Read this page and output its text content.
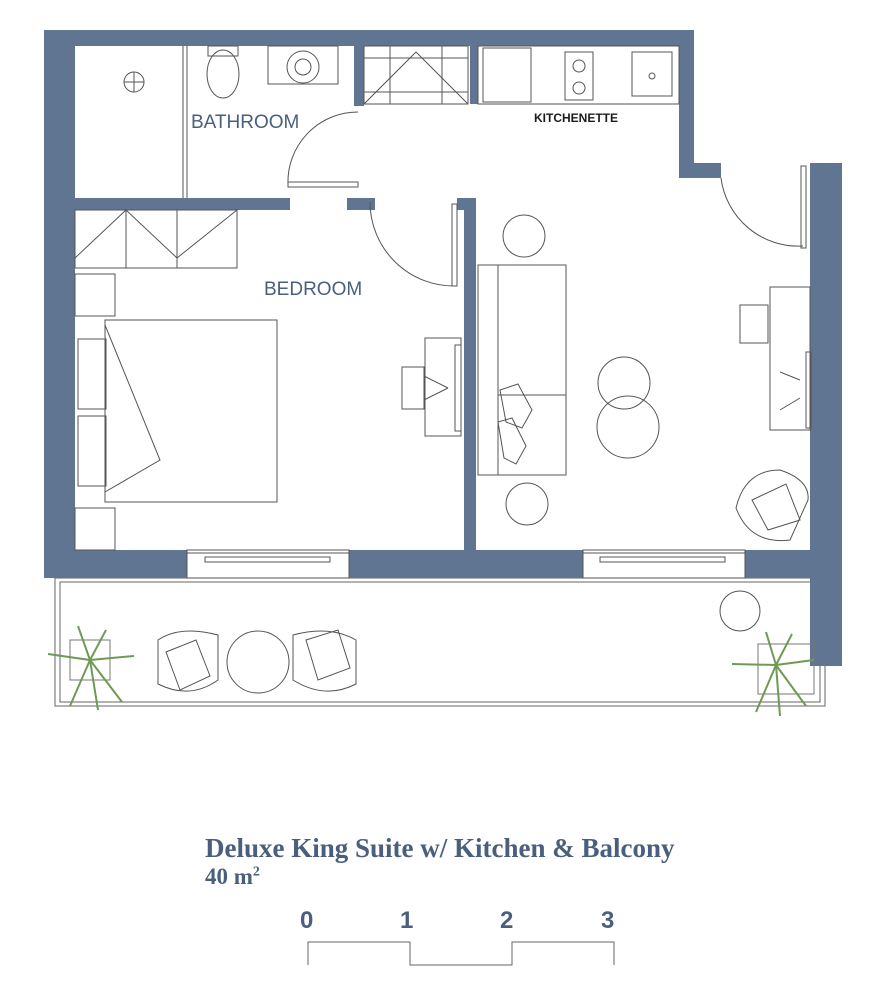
BATHROOM	KITCHENETTE
BEDROOM
Deluxe King Suite w/ Kitchen & Balcony
40 $m^2$
0	1	2	3
